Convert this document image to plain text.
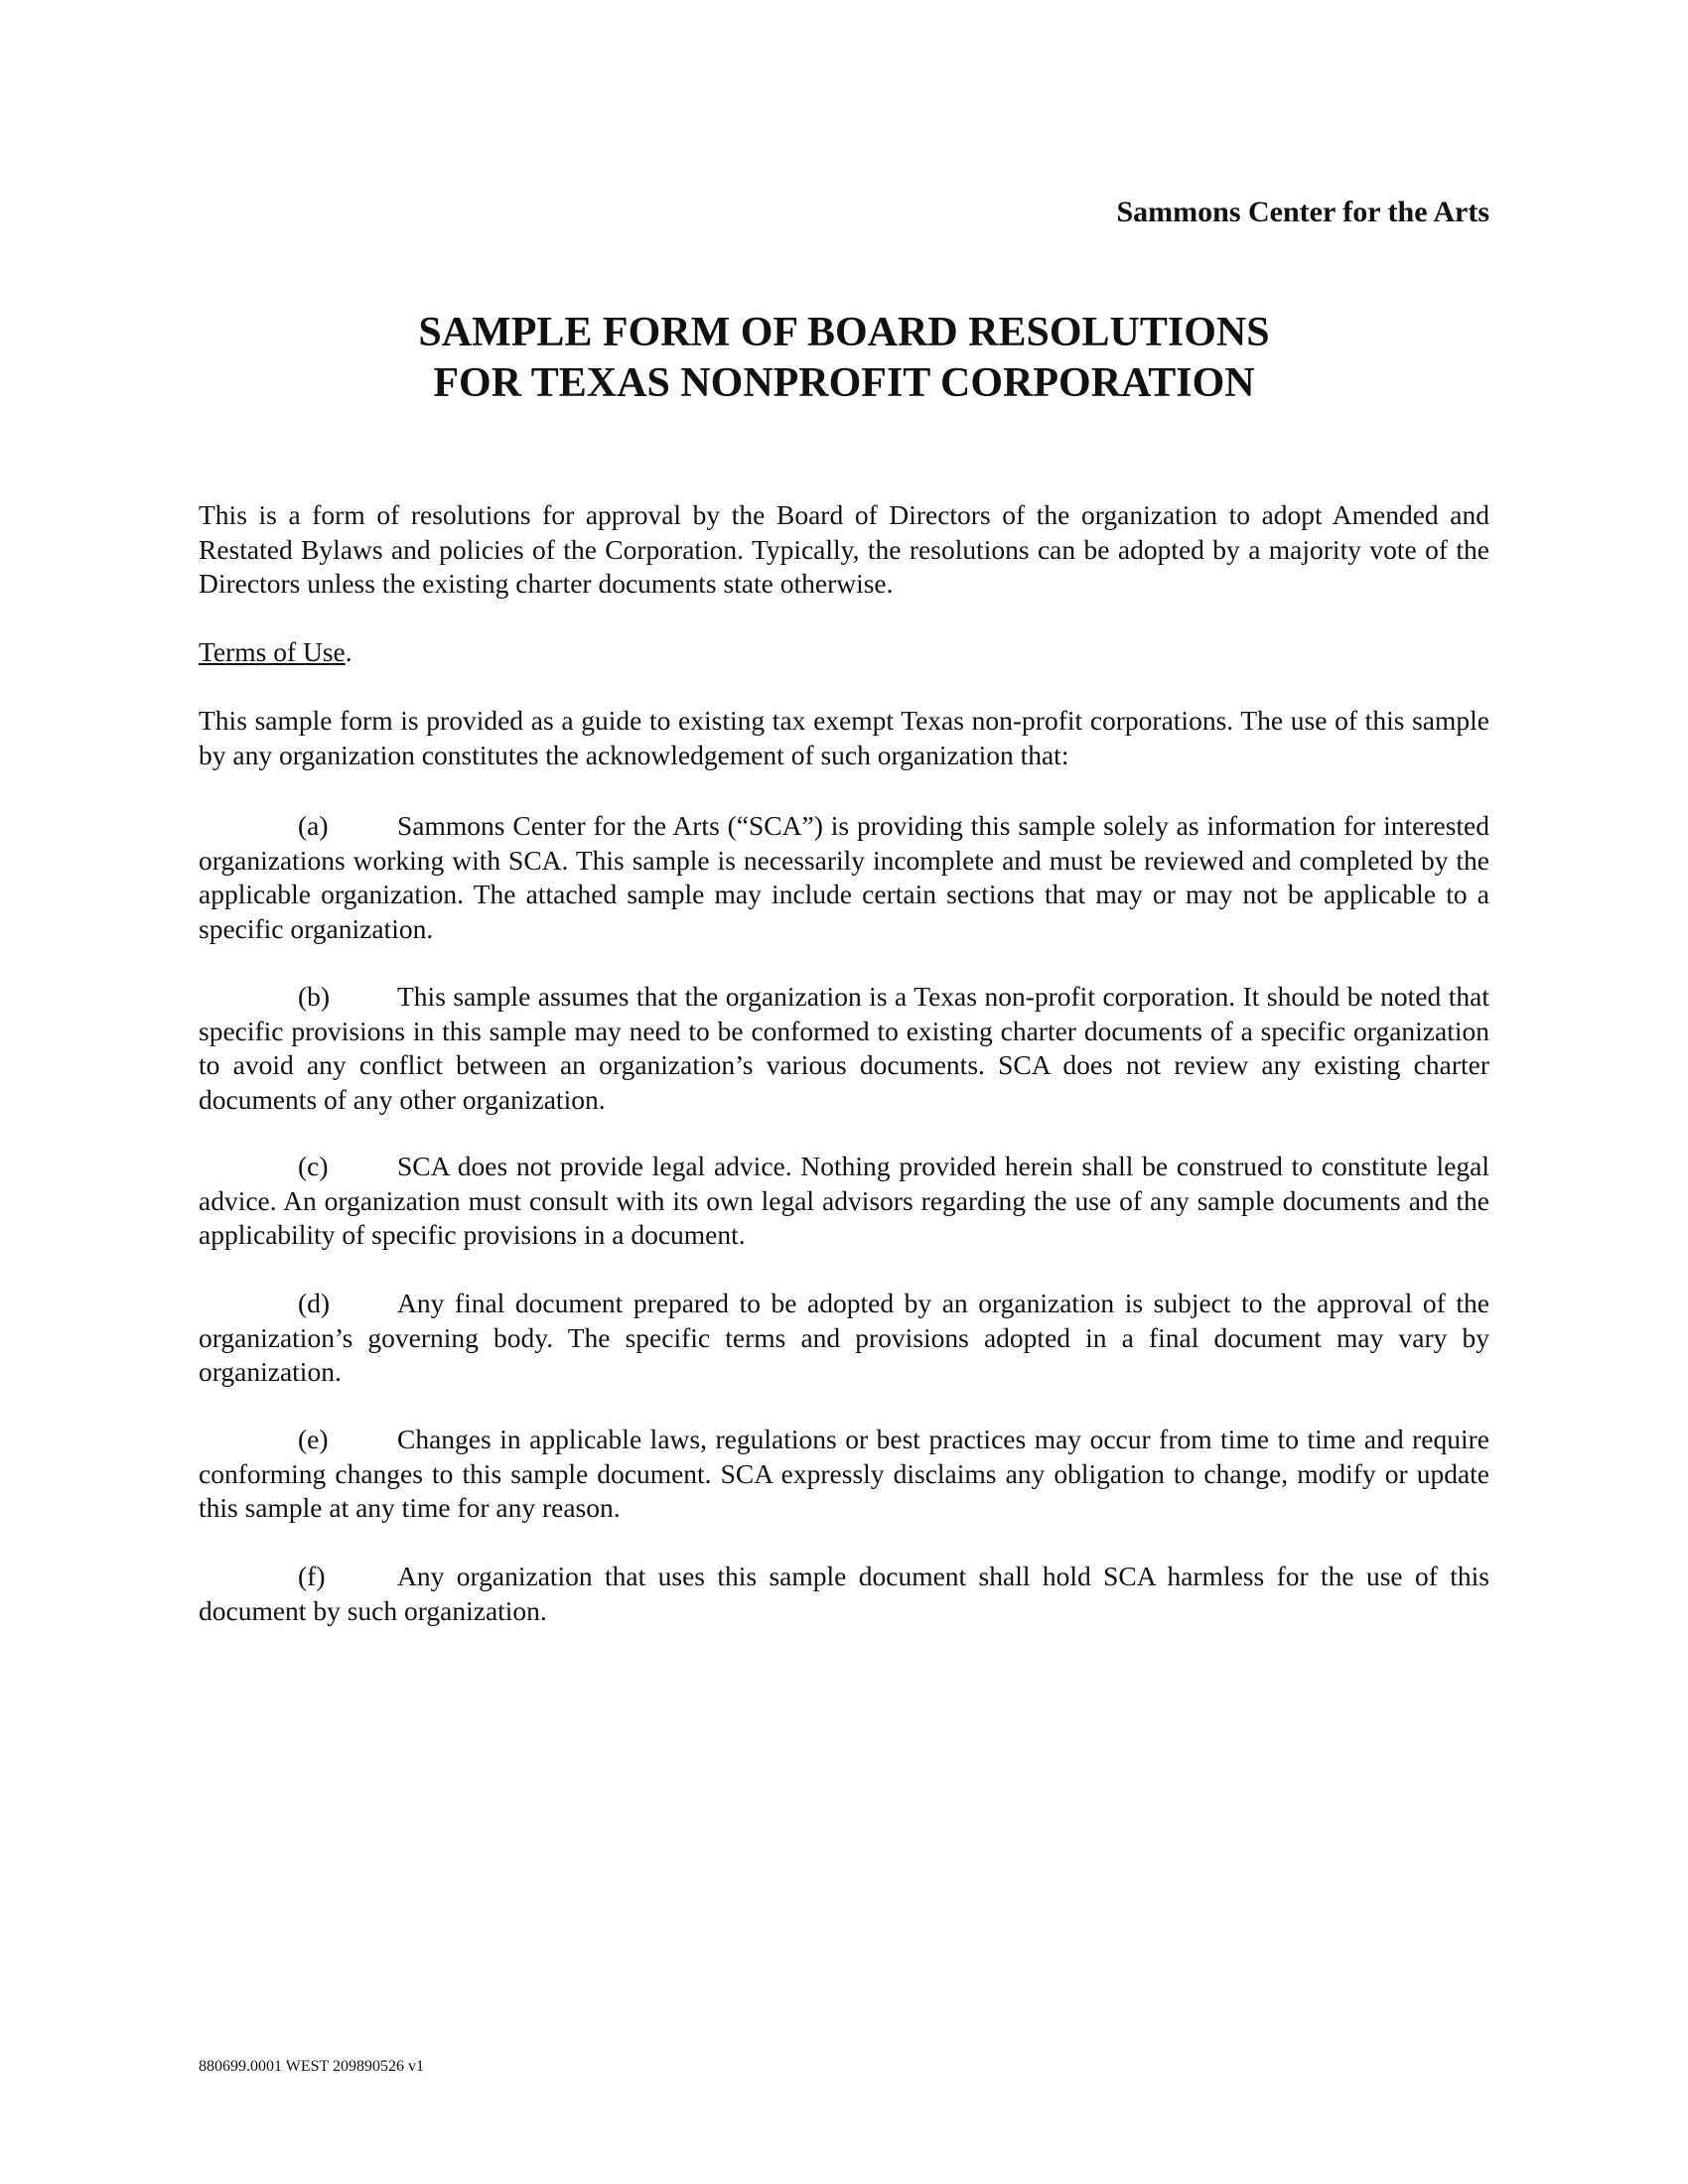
Sammons Center for the Arts
SAMPLE FORM OF BOARD RESOLUTIONS
FOR TEXAS NONPROFIT CORPORATION

This is a form of resolutions for approval by the Board of Directors of the organization to adopt Amended and Restated Bylaws and policies of the Corporation. Typically, the resolutions can be adopted by a majority vote of the Directors unless the existing charter documents state otherwise.

Terms of Use.

This sample form is provided as a guide to existing tax exempt Texas non-profit corporations. The use of this sample by any organization constitutes the acknowledgement of such organization that:

(a)	Sammons Center for the Arts (“SCA”) is providing this sample solely as information for interested organizations working with SCA. This sample is necessarily incomplete and must be reviewed and completed by the applicable organization. The attached sample may include certain sections that may or may not be applicable to a specific organization.

(b) This sample assumes that the organization is a Texas non-profit corporation. It should be noted that specific provisions in this sample may need to be conformed to existing charter documents of a specific organization to avoid any conflict between an organization’s various documents. SCA does not review any existing charter documents of any other organization.

(c)	SCA does not provide legal advice. Nothing provided herein shall be construed to constitute legal advice. An organization must consult with its own legal advisors regarding the use of any sample documents and the applicability of specific provisions in a document.

(d) Any final document prepared to be adopted by an organization is subject to the approval of the organization’s governing body. The specific terms and provisions adopted in a final document may vary by organization.

(e)	Changes in applicable laws, regulations or best practices may occur from time to time and require conforming changes to this sample document. SCA expressly disclaims any obligation to change, modify or update this sample at any time for any reason.

(f)	Any organization that uses this sample document shall hold SCA harmless for the use of this document by such organization.

880699.0001 WEST 209890526 v1
